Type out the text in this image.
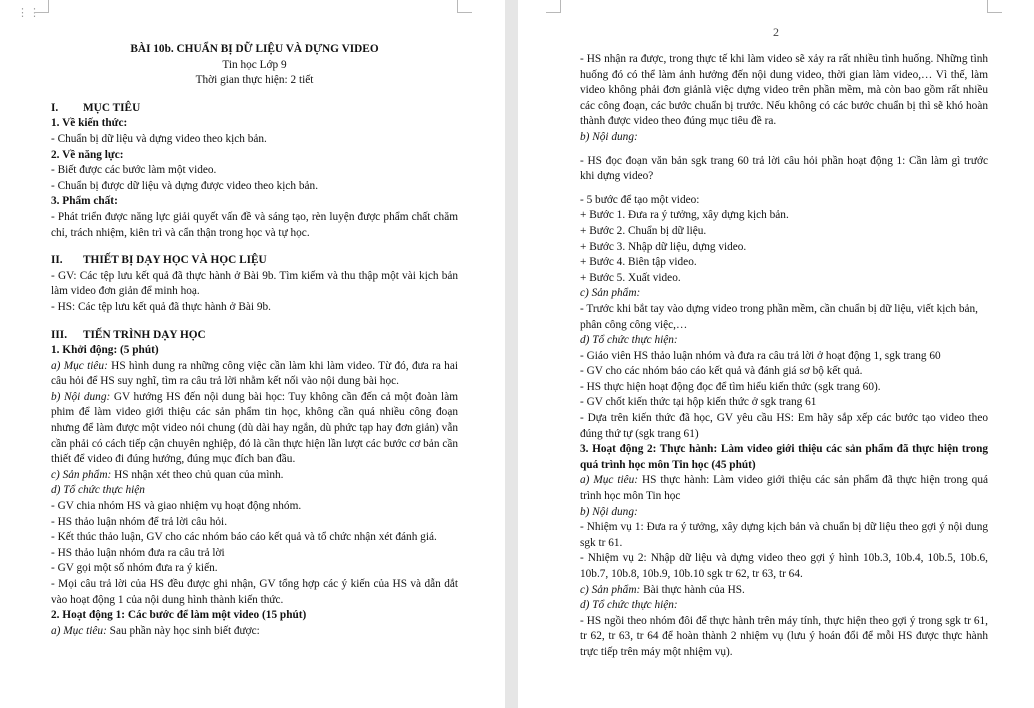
⋮⋮
BÀI 10b. CHUẨN BỊ DỮ LIỆU VÀ DỰNG VIDEO
Tin học Lớp 9
Thời gian thực hiện: 2 tiết
I. MỤC TIÊU
1. Về kiến thức:
- Chuẩn bị dữ liệu và dựng video theo kịch bản.
2. Về năng lực:
- Biết được các bước làm một video.
- Chuẩn bị được dữ liệu và dựng được video theo kịch bản.
3. Phẩm chất:
- Phát triển được năng lực giải quyết vấn đề và sáng tạo, rèn luyện được phẩm chất chăm chỉ, trách nhiệm, kiên trì và cẩn thận trong học và tự học.
II. THIẾT BỊ DẠY HỌC VÀ HỌC LIỆU
- GV: Các tệp lưu kết quả đã thực hành ở Bài 9b. Tìm kiếm và thu thập một vài kịch bản làm video đơn giản để minh hoạ.
- HS: Các tệp lưu kết quả đã thực hành ở Bài 9b.
III. TIẾN TRÌNH DẠY HỌC
1. Khởi động: (5 phút)
a) Mục tiêu: HS hình dung ra những công việc cần làm khi làm video. Từ đó, đưa ra hai câu hỏi để HS suy nghĩ, tìm ra câu trả lời nhằm kết nối vào nội dung bài học.
b) Nội dung: GV hướng HS đến nội dung bài học: Tuy không cần đến cả một đoàn làm phim để làm video giới thiệu các sản phẩm tin học, không cần quá nhiều công đoạn nhưng để làm được một video nói chung (dù dài hay ngắn, dù phức tạp hay đơn giản) vẫn cần phải có cách tiếp cận chuyên nghiệp, đó là cần thực hiện lần lượt các bước cơ bản cần thiết để video đi đúng hướng, đúng mục đích ban đầu.
c) Sản phẩm: HS nhận xét theo chủ quan của mình.
d) Tổ chức thực hiện
- GV chia nhóm HS và giao nhiệm vụ hoạt động nhóm.
- HS thảo luận nhóm để trả lời câu hỏi.
- Kết thúc thảo luận, GV cho các nhóm báo cáo kết quả và tổ chức nhận xét đánh giá.
- HS thảo luận nhóm đưa ra câu trả lời
- GV gọi một số nhóm đưa ra ý kiến.
- Mọi câu trả lời của HS đều được ghi nhận, GV tổng hợp các ý kiến của HS và dẫn dắt vào hoạt động 1 của nội dung hình thành kiến thức.
2. Hoạt động 1: Các bước để làm một video (15 phút)
a) Mục tiêu: Sau phần này học sinh biết được:
2
- HS nhận ra được, trong thực tế khi làm video sẽ xảy ra rất nhiều tình huống. Những tình huống đó có thể làm ảnh hưởng đến nội dung video, thời gian làm video,… Vì thế, làm video không phải đơn giảnlà việc dựng video trên phần mềm, mà còn bao gồm rất nhiều các công đoạn, các bước chuẩn bị trước. Nếu không có các bước chuẩn bị thì sẽ khó hoàn thành được video theo đúng mục tiêu đề ra.
b) Nội dung:
- HS đọc đoạn văn bản sgk trang 60 trả lời câu hỏi phần hoạt động 1: Cần làm gì trước khi dựng video?
- 5 bước để tạo một video:
+ Bước 1. Đưa ra ý tưởng, xây dựng kịch bản.
+ Bước 2. Chuẩn bị dữ liệu.
+ Bước 3. Nhập dữ liệu, dựng video.
+ Bước 4. Biên tập video.
+ Bước 5. Xuất video.
c) Sản phẩm:
- Trước khi bắt tay vào dựng video trong phần mềm, cần chuẩn bị dữ liệu, viết kịch bản, phân công công việc,…
d) Tổ chức thực hiện:
- Giáo viên HS thảo luận nhóm và đưa ra câu trả lời ở hoạt động 1, sgk trang 60
- GV cho các nhóm báo cáo kết quả và đánh giá sơ bộ kết quả.
- HS thực hiện hoạt động đọc để tìm hiểu kiến thức (sgk trang 60).
- GV chốt kiến thức tại hộp kiến thức ở sgk trang 61
- Dựa trên kiến thức đã học, GV yêu cầu HS: Em hãy sắp xếp các bước tạo video theo đúng thứ tự (sgk trang 61)
3. Hoạt động 2: Thực hành: Làm video giới thiệu các sản phẩm đã thực hiện trong quá trình học môn Tin học (45 phút)
a) Mục tiêu: HS thực hành: Làm video giới thiệu các sản phẩm đã thực hiện trong quá trình học môn Tin học
b) Nội dung:
- Nhiệm vụ 1: Đưa ra ý tưởng, xây dựng kịch bản và chuẩn bị dữ liệu theo gợi ý nội dung sgk tr 61.
- Nhiệm vụ 2: Nhập dữ liệu và dựng video theo gợi ý hình 10b.3, 10b.4, 10b.5, 10b.6, 10b.7, 10b.8, 10b.9, 10b.10 sgk tr 62, tr 63, tr 64.
c) Sản phẩm: Bài thực hành của HS.
d) Tổ chức thực hiện:
- HS ngồi theo nhóm đôi để thực hành trên máy tính, thực hiện theo gợi ý trong sgk tr 61, tr 62, tr 63, tr 64 để hoàn thành 2 nhiệm vụ (lưu ý hoán đổi để mỗi HS được thực hành trực tiếp trên máy một nhiệm vụ).
